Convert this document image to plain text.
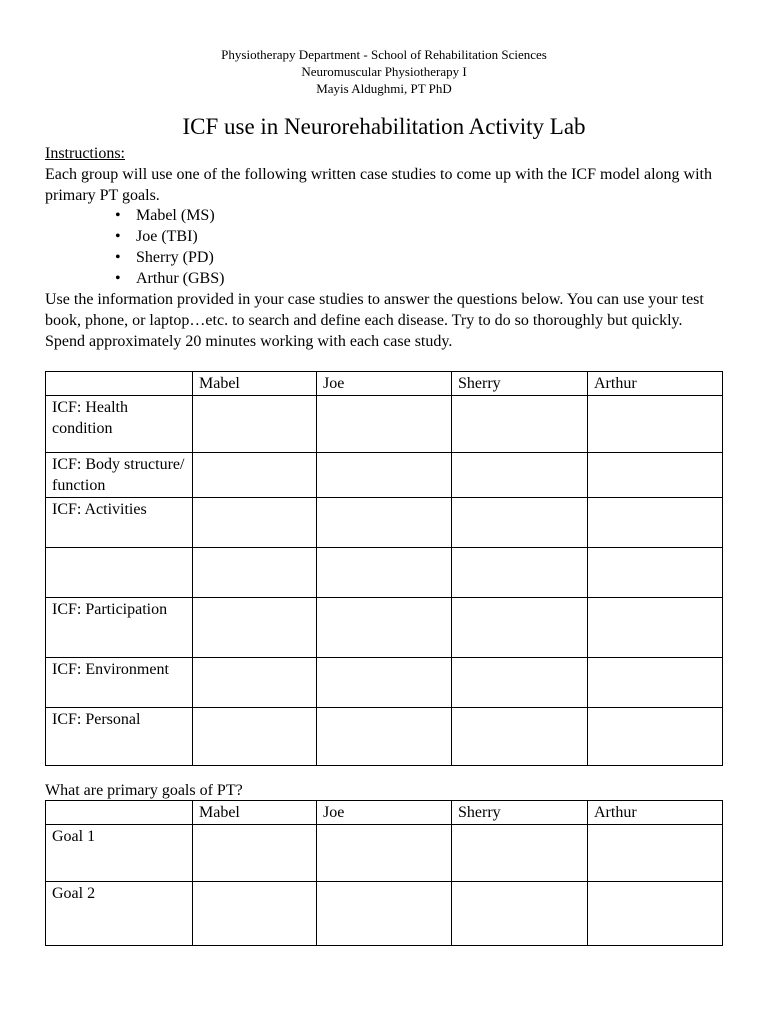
Physiotherapy Department - School of Rehabilitation Sciences
Neuromuscular Physiotherapy I
Mayis Aldughmi, PT PhD
ICF use in Neurorehabilitation Activity Lab
Instructions:
Each group will use one of the following written case studies to come up with the ICF model along with primary PT goals.
• Mabel (MS)
• Joe (TBI)
• Sherry (PD)
• Arthur (GBS)
Use the information provided in your case studies to answer the questions below. You can use your test book, phone, or laptop…etc. to search and define each disease. Try to do so thoroughly but quickly. Spend approximately 20 minutes working with each case study.
	Mabel	Joe	Sherry	Arthur
ICF: Health condition				
ICF: Body structure/ function				
ICF: Activities				

ICF: Participation				
ICF: Environment				
ICF: Personal				
What are primary goals of PT?
	Mabel	Joe	Sherry	Arthur
Goal 1				
Goal 2				
